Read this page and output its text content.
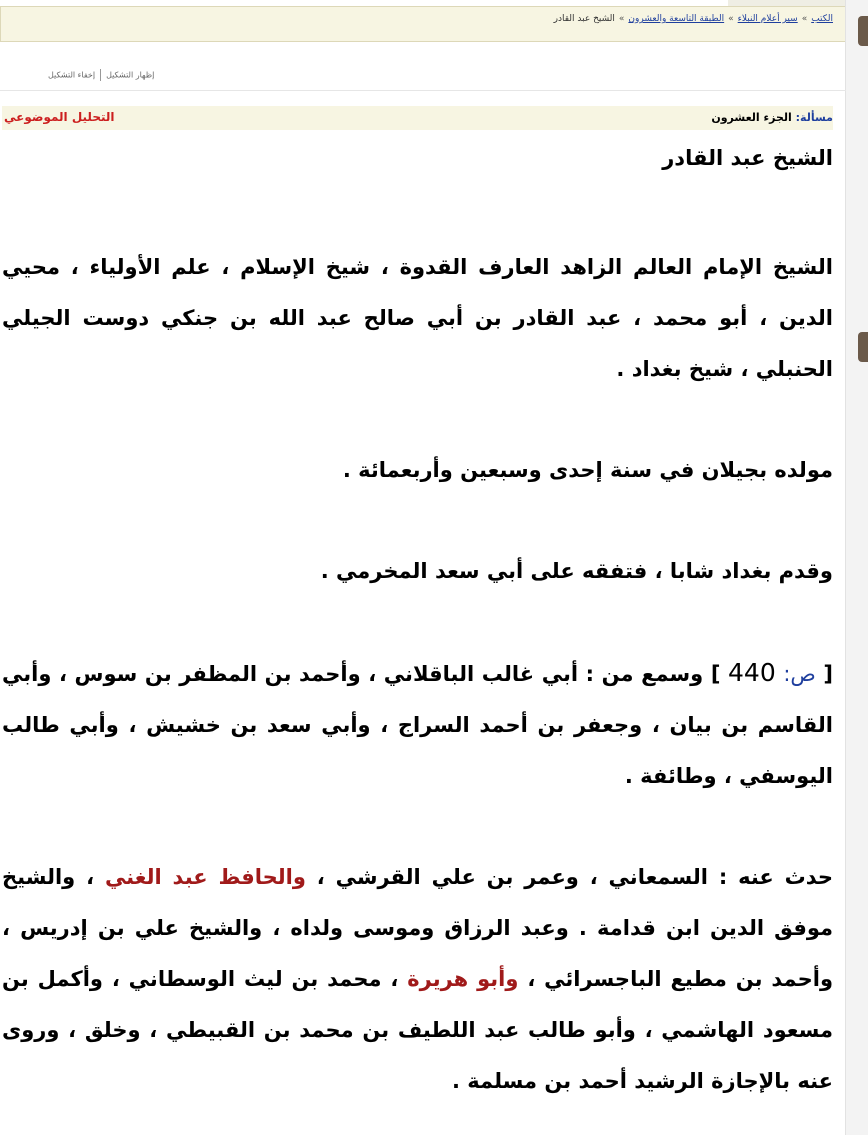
الكتب»سير أعلام النبلاء»الطبقة التاسعة والعشرون»الشيخ عبد القادر
إظهار التشكيلإخفاء التشكيل
مسألة: الجزء العشرون
التحليل الموضوعي
الشيخ عبد القادر

الشيخ الإمام العالم الزاهد العارف القدوة ، شيخ الإسلام ، علم الأولياء ، محيي الدين ، أبو محمد ، عبد القادر بن أبي صالح عبد الله بن جنكي دوست الجيلي الحنبلي ، شيخ بغداد .

مولده بجيلان في سنة إحدى وسبعين وأربعمائة .

وقدم بغداد شابا ، فتفقه على أبي سعد المخرمي .

[ ص: 440 ] وسمع من : أبي غالب الباقلاني ، وأحمد بن المظفر بن سوس ، وأبي القاسم بن بيان ، وجعفر بن أحمد السراج ، وأبي سعد بن خشيش ، وأبي طالب اليوسفي ، وطائفة .

حدث عنه : السمعاني ، وعمر بن علي القرشي ، والحافظ عبد الغني ، والشيخ موفق الدين ابن قدامة . وعبد الرزاق وموسى ولداه ، والشيخ علي بن إدريس ، وأحمد بن مطيع الباجسرائي ، وأبو هريرة ، محمد بن ليث الوسطاني ، وأكمل بن مسعود الهاشمي ، وأبو طالب عبد اللطيف بن محمد بن القبيطي ، وخلق ، وروى عنه بالإجازة الرشيد أحمد بن مسلمة .
